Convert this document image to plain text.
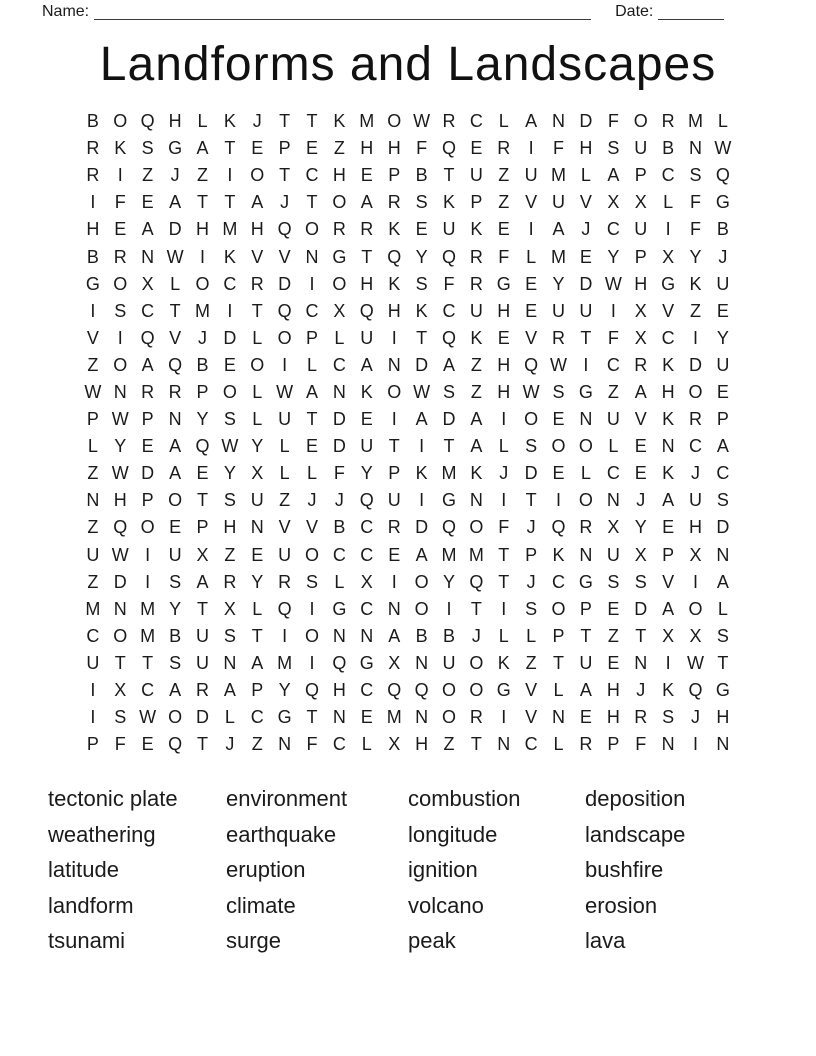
Name:	Date:
Landforms and Landscapes
B O Q H L K J T T K M O W R C L A N D F O R M L
R K S G A T E P E Z H H F Q E R	I	F H S U B N W
R	I	Z J Z	I O T C H E P B T U Z U M L A P C S Q
I	F E A T T A J T O A R S K P Z V U V X X L F G
H E A D H M H Q O R R K E U K E	I	A J C U	I	F B
B R N W I	K V V N G T Q Y Q R F L M E Y P X Y J
G O X L O C R D	I O H K S F R G E Y D W H G K U
I	S C T M I	T Q C X Q H K C U H E U U	I	X V Z E
V	I Q V J D L O P L U	I	T Q K E V R T F X C	I	Y
Z O A Q B E O I	L C A N D A Z H Q W I	C R K D U
W N R R P O L W A N K O W S Z H W S G Z A H O E
P W P N Y S L U T D E	I	A D A	I O E N U V K R P
L Y E A Q W Y L E D U T	I	T A L S O O L E N C A
Z W D A E Y X L L F Y P K M K J D E L C E K J C
N H P O T S U Z J	J Q U	I G N	I	T	I O N J A U S
Z Q O E P H N V V B C R D Q O F J Q R X Y E H D
U W I	U X Z E U O C C E A M M T P K N U X P X N
Z D	I	S A R Y R S L X	I O Y Q T J C G S S V	I	A
M N M Y T X L Q I G C N O I	T	I	S O P E D A O L
C O M B U S T	I O N N A B B J L L P T Z T X X S
U T T S U N A M I Q G X N U O K Z T U E N	I W T
I	X C A R A P Y Q H C Q Q O O G V L A H J K Q G
I	S W O D L C G T N E M N O R	I	V N E H R S J H
P F E Q T J Z N F C L X H Z T N C L R P F N	I	N
tectonic plate	environment	combustion	deposition
weathering	earthquake	longitude	landscape
latitude	eruption	ignition	bushfire
landform	climate	volcano	erosion
tsunami	surge	peak	lava
